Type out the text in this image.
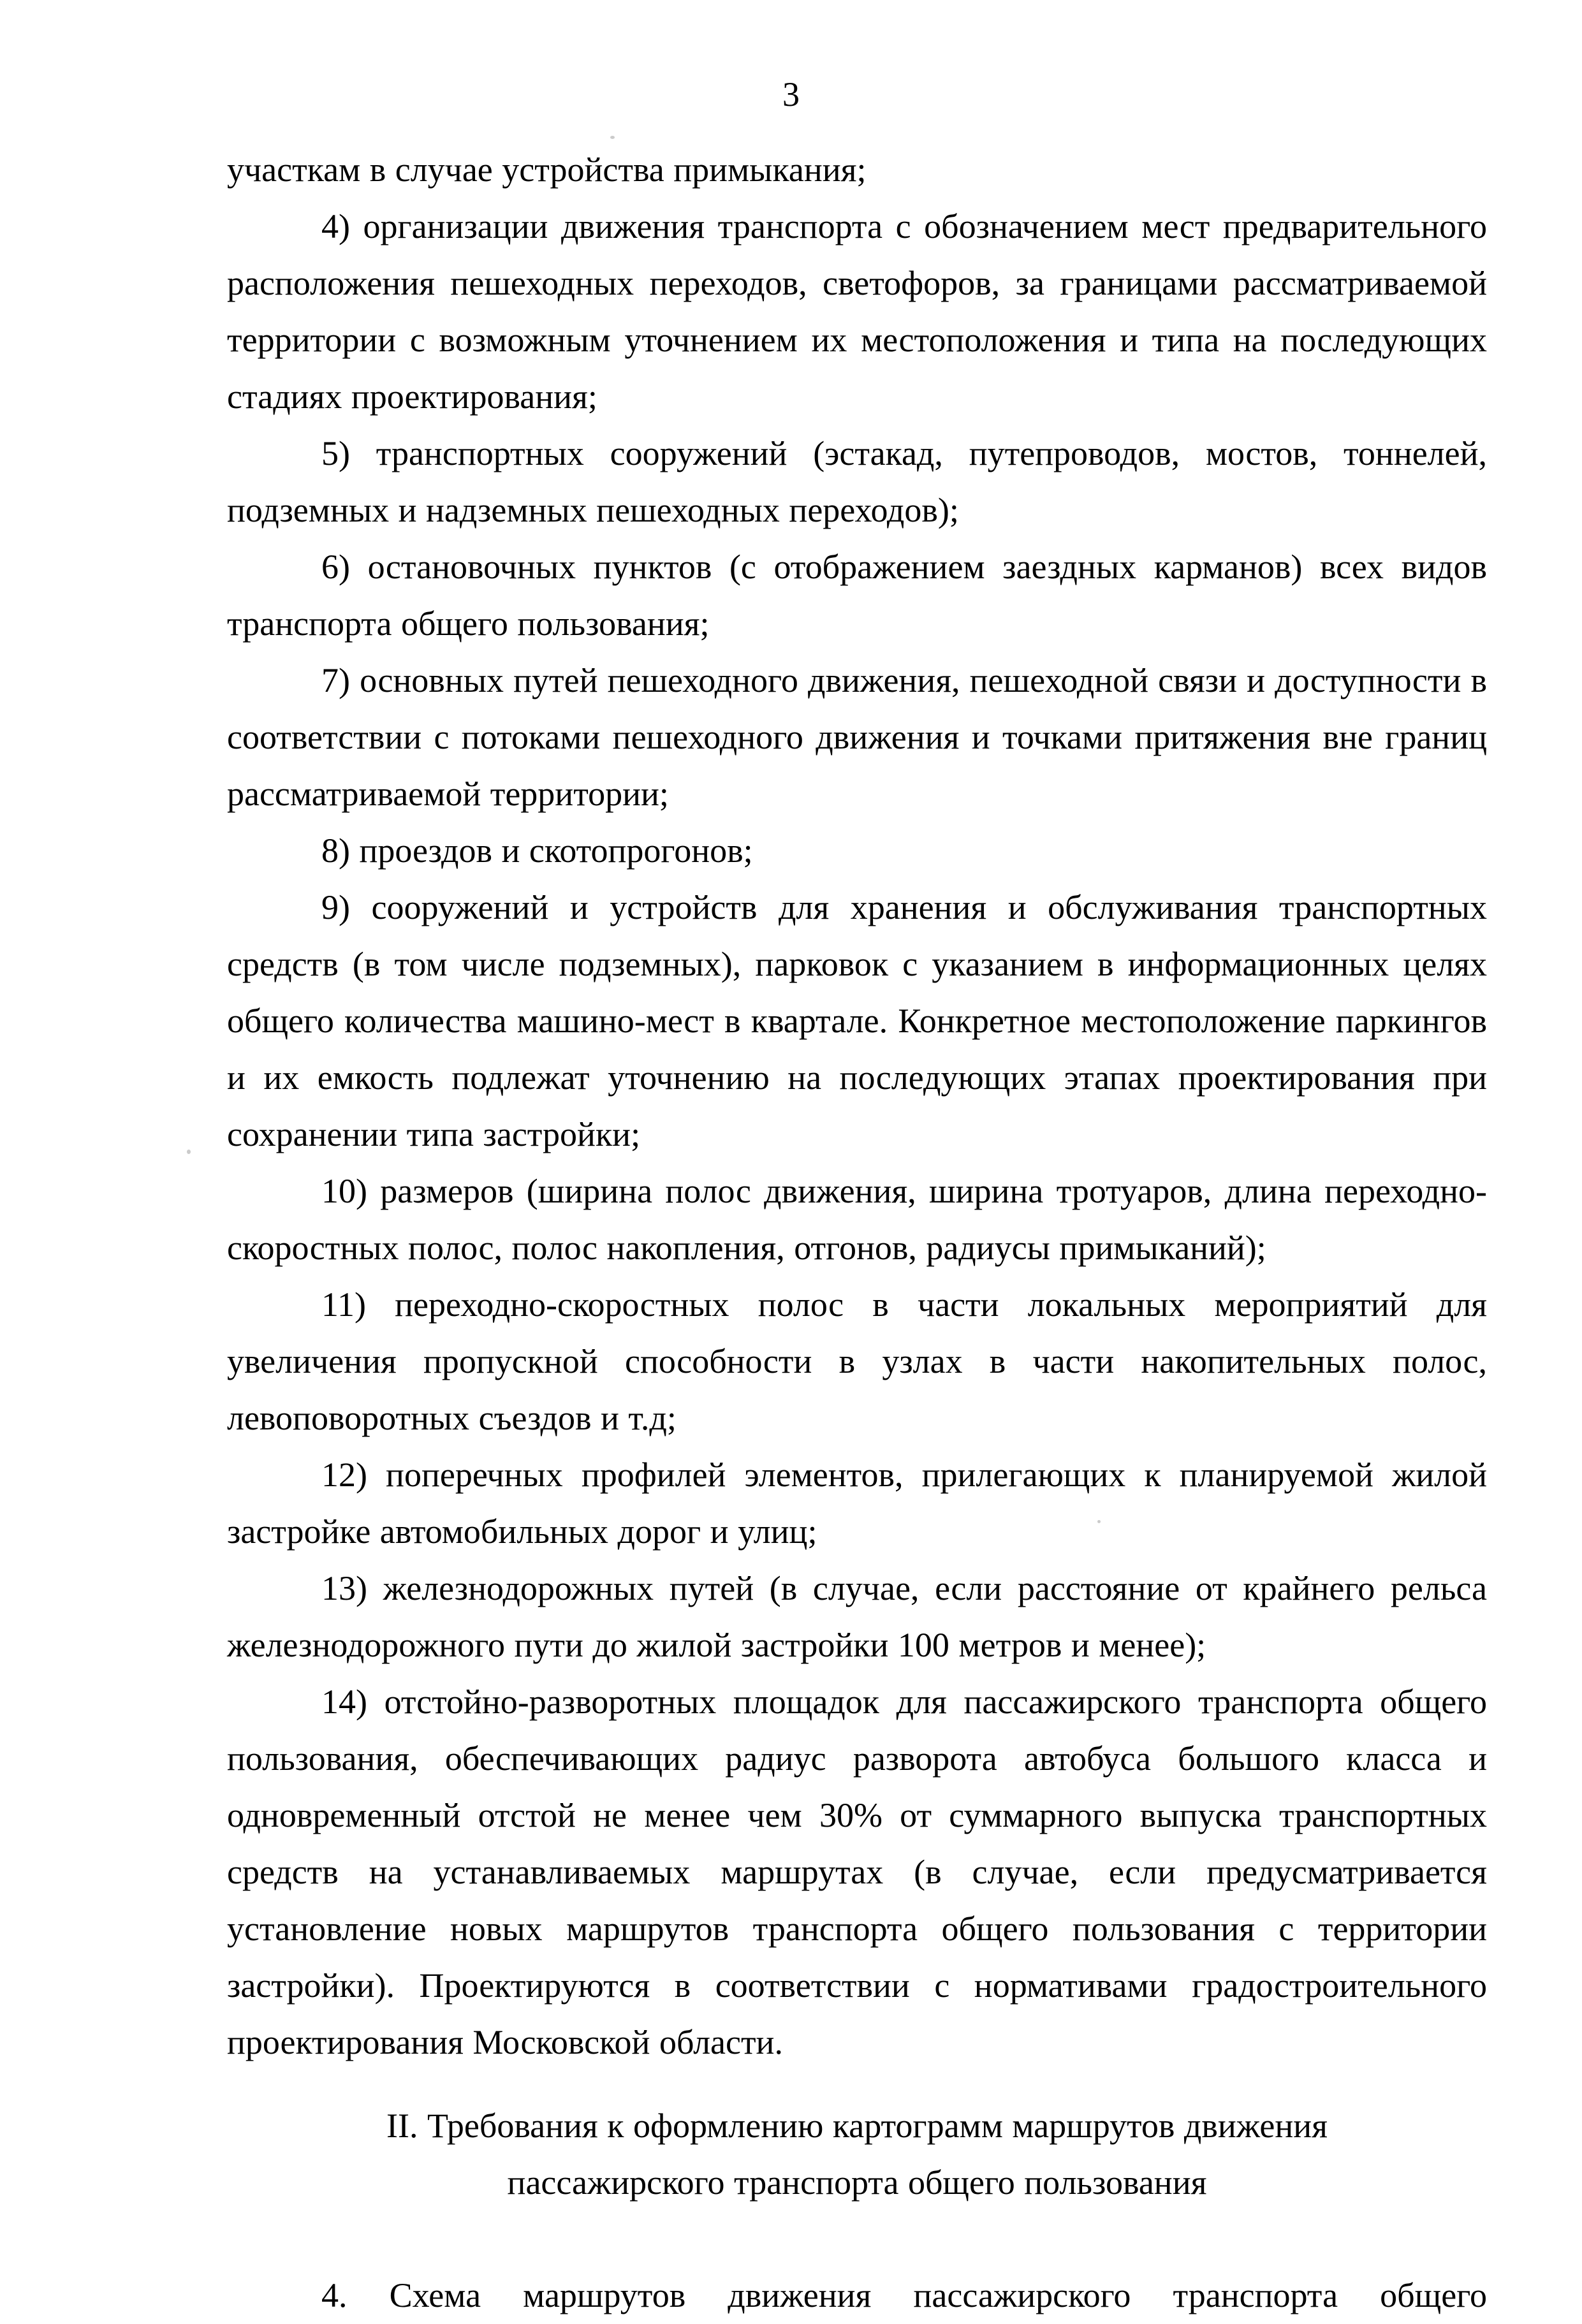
3

участкам в случае устройства примыкания;

4) организации движения транспорта с обозначением мест предварительного расположения пешеходных переходов, светофоров, за границами рассматриваемой территории с возможным уточнением их местоположения и типа на последующих стадиях проектирования;

5) транспортных сооружений (эстакад, путепроводов, мостов, тоннелей, подземных и надземных пешеходных переходов);

6) остановочных пунктов (с отображением заездных карманов) всех видов транспорта общего пользования;

7) основных путей пешеходного движения, пешеходной связи и доступности в соответствии с потоками пешеходного движения и точками притяжения вне границ рассматриваемой территории;

8) проездов и скотопрогонов;

9) сооружений и устройств для хранения и обслуживания транспортных средств (в том числе подземных), парковок с указанием в информационных целях общего количества машино-мест в квартале. Конкретное местоположение паркингов и их емкость подлежат уточнению на последующих этапах проектирования при сохранении типа застройки;

10) размеров (ширина полос движения, ширина тротуаров, длина переходно-скоростных полос, полос накопления, отгонов, радиусы примыканий);

11) переходно-скоростных полос в части локальных мероприятий для увеличения пропускной способности в узлах в части накопительных полос, левоповоротных съездов и т.д;

12) поперечных профилей элементов, прилегающих к планируемой жилой застройке автомобильных дорог и улиц;

13) железнодорожных путей (в случае, если расстояние от крайнего рельса железнодорожного пути до жилой застройки 100 метров и менее);

14) отстойно-разворотных площадок для пассажирского транспорта общего пользования, обеспечивающих радиус разворота автобуса большого класса и одновременный отстой не менее чем 30% от суммарного выпуска транспортных средств на устанавливаемых маршрутах (в случае, если предусматривается установление новых маршрутов транспорта общего пользования с территории застройки). Проектируются в соответствии с нормативами градостроительного проектирования Московской области.

II. Требования к оформлению картограмм маршрутов движения пассажирского транспорта общего пользования

4. Схема маршрутов движения пассажирского транспорта общего
